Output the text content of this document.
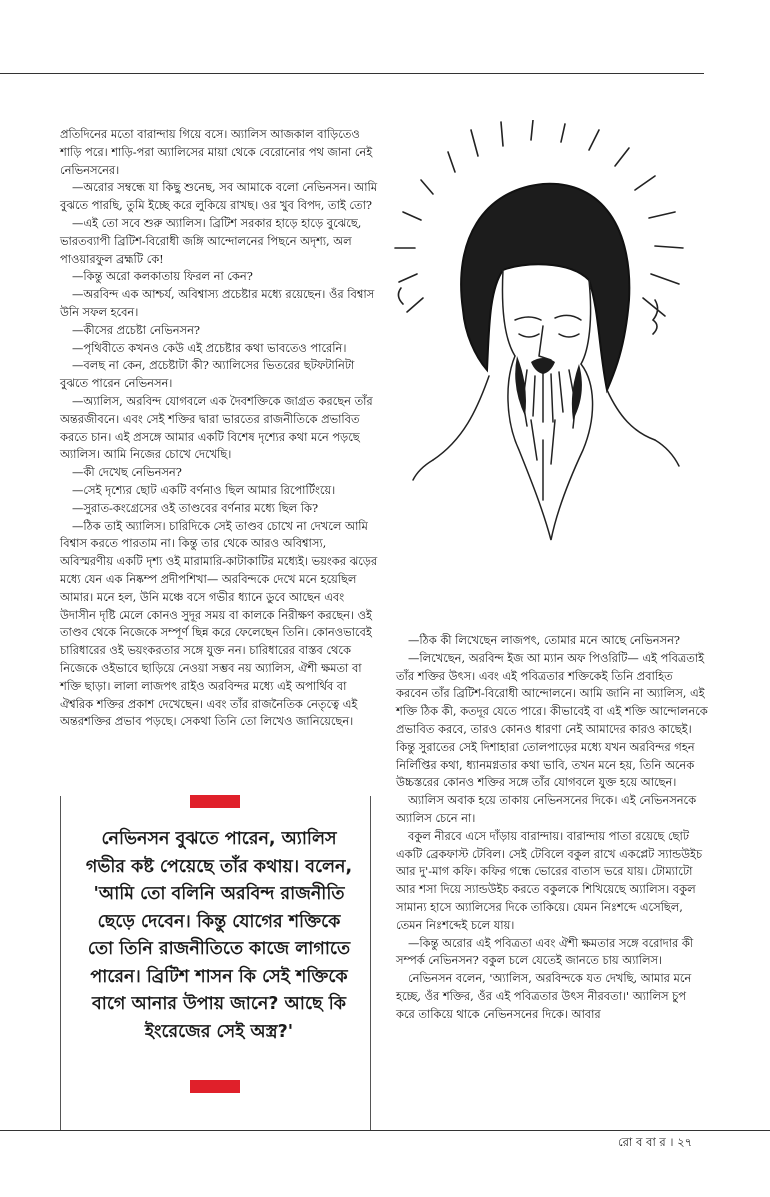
প্রতিদিনের মতো বারান্দায় গিয়ে বসে। অ্যালিস আজকাল বাড়িতেও শাড়ি পরে। শাড়ি-পরা অ্যালিসের মায়া থেকে বেরোনোর পথ জানা নেই নেভিনসনের।

—অরোর সম্বন্ধে যা কিছু শুনেছ, সব আমাকে বলো নেভিনসন। আমি বুঝতে পারছি, তুমি ইচ্ছে করে লুকিয়ে রাখছ। ওর খুব বিপদ, তাই তো?

—এই তো সবে শুরু অ্যালিস। ব্রিটিশ সরকার হাড়ে হাড়ে বুঝেছে, ভারতব্যাপী ব্রিটিশ-বিরোধী জঙ্গি আন্দোলনের পিছনে অদৃশ্য, অল পাওয়ারফুল ব্রহ্মটি কে!

—কিন্তু অরো কলকাতায় ফিরল না কেন?

—অরবিন্দ এক আশ্চর্য, অবিশ্বাস্য প্রচেষ্টার মধ্যে রয়েছেন। ওঁর বিশ্বাস উনি সফল হবেন।

—কীসের প্রচেষ্টা নেভিনসন?

—পৃথিবীতে কখনও কেউ এই প্রচেষ্টার কথা ভাবতেও পারেনি।

—বলছ না কেন, প্রচেষ্টাটা কী? অ্যালিসের ভিতরের ছটফটানিটা বুঝতে পারেন নেভিনসন।

—অ্যালিস, অরবিন্দ যোগবলে এক দৈবশক্তিকে জাগ্রত করছেন তাঁর অন্তরজীবনে। এবং সেই শক্তির দ্বারা ভারতের রাজনীতিকে প্রভাবিত করতে চান। এই প্রসঙ্গে আমার একটি বিশেষ দৃশ্যের কথা মনে পড়ছে অ্যালিস। আমি নিজের চোখে দেখেছি।

—কী দেখেছ নেভিনসন?

—সেই দৃশ্যের ছোট একটি বর্ণনাও ছিল আমার রিপোর্টিংয়ে।

—সুরাত-কংগ্রেসের ওই তাণ্ডবের বর্ণনার মধ্যে ছিল কি?

—ঠিক তাই অ্যালিস। চারিদিকে সেই তাণ্ডব চোখে না দেখলে আমি বিশ্বাস করতে পারতাম না। কিন্তু তার থেকে আরও অবিশ্বাস্য, অবিস্মরণীয় একটি দৃশ্য ওই মারামারি-কাটাকাটির মধ্যেই। ভয়ংকর ঝড়ের মধ্যে যেন এক নিষ্কম্প প্রদীপশিখা— অরবিন্দকে দেখে মনে হয়েছিল আমার। মনে হল, উনি মঞ্চে বসে গভীর ধ্যানে ডুবে আছেন এবং উদাসীন দৃষ্টি মেলে কোনও সুদূর সময় বা কালকে নিরীক্ষণ করছেন। ওই তাণ্ডব থেকে নিজেকে সম্পূর্ণ ছিন্ন করে ফেলেছেন তিনি। কোনওভাবেই চারিধারের ওই ভয়ংকরতার সঙ্গে যুক্ত নন। চারিধারের বাস্তব থেকে নিজেকে ওইভাবে ছাড়িয়ে নেওয়া সম্ভব নয় অ্যালিস, ঐশী ক্ষমতা বা শক্তি ছাড়া। লালা লাজপৎ রাইও অরবিন্দর মধ্যে এই অপার্থিব বা ঐশ্বরিক শক্তির প্রকাশ দেখেছেন। এবং তাঁর রাজনৈতিক নেতৃত্বে এই অন্তরশক্তির প্রভাব পড়ছে। সেকথা তিনি তো লিখেও জানিয়েছেন।

—ঠিক কী লিখেছেন লাজপৎ, তোমার মনে আছে নেভিনসন?

—লিখেছেন, অরবিন্দ ইজ আ ম্যান অফ পিওরিটি— এই পবিত্রতাই তাঁর শক্তির উৎস। এবং এই পবিত্রতার শক্তিকেই তিনি প্রবাহিত করবেন তাঁর ব্রিটিশ-বিরোধী আন্দোলনে। আমি জানি না অ্যালিস, এই শক্তি ঠিক কী, কতদূর যেতে পারে। কীভাবেই বা এই শক্তি আন্দোলনকে প্রভাবিত করবে, তারও কোনও ধারণা নেই আমাদের কারও কাছেই। কিন্তু সুরাতের সেই দিশাহারা তোলপাড়ের মধ্যে যখন অরবিন্দর গহন নির্লিপ্তির কথা, ধ্যানমগ্নতার কথা ভাবি, তখন মনে হয়, তিনি অনেক উচ্চস্তরের কোনও শক্তির সঙ্গে তাঁর যোগবলে যুক্ত হয়ে আছেন।

অ্যালিস অবাক হয়ে তাকায় নেভিনসনের দিকে। এই নেভিনসনকে অ্যালিস চেনে না।

বকুল নীরবে এসে দাঁড়ায় বারান্দায়। বারান্দায় পাতা রয়েছে ছোট একটি ব্রেকফাস্ট টেবিল। সেই টেবিলে বকুল রাখে একপ্লেট স্যান্ডউইচ আর দু'-মাগ কফি। কফির গন্ধে ভোরের বাতাস ভরে যায়। টোম্যাটো আর শসা দিয়ে স্যান্ডউইচ করতে বকুলকে শিখিয়েছে অ্যালিস। বকুল সামান্য হাসে অ্যালিসের দিকে তাকিয়ে। যেমন নিঃশব্দে এসেছিল, তেমন নিঃশব্দেই চলে যায়।

—কিন্তু অরোর এই পবিত্রতা এবং ঐশী ক্ষমতার সঙ্গে বরোদার কী সম্পর্ক নেভিনসন? বকুল চলে যেতেই জানতে চায় অ্যালিস।

নেভিনসন বলেন, 'অ্যালিস, অরবিন্দকে যত দেখছি, আমার মনে হচ্ছে, ওঁর শক্তির, ওঁর এই পবিত্রতার উৎস নীরবতা।' অ্যালিস চুপ করে তাকিয়ে থাকে নেভিনসনের দিকে। আবার

নেভিনসন বুঝতে পারেন, অ্যালিস গভীর কষ্ট পেয়েছে তাঁর কথায়। বলেন, 'আমি তো বলিনি অরবিন্দ রাজনীতি ছেড়ে দেবেন। কিন্তু যোগের শক্তিকে তো তিনি রাজনীতিতে কাজে লাগাতে পারেন। ব্রিটিশ শাসন কি সেই শক্তিকে বাগে আনার উপায় জানে? আছে কি ইংরেজের সেই অস্ত্র?'

রো ব বা র । ২৭
